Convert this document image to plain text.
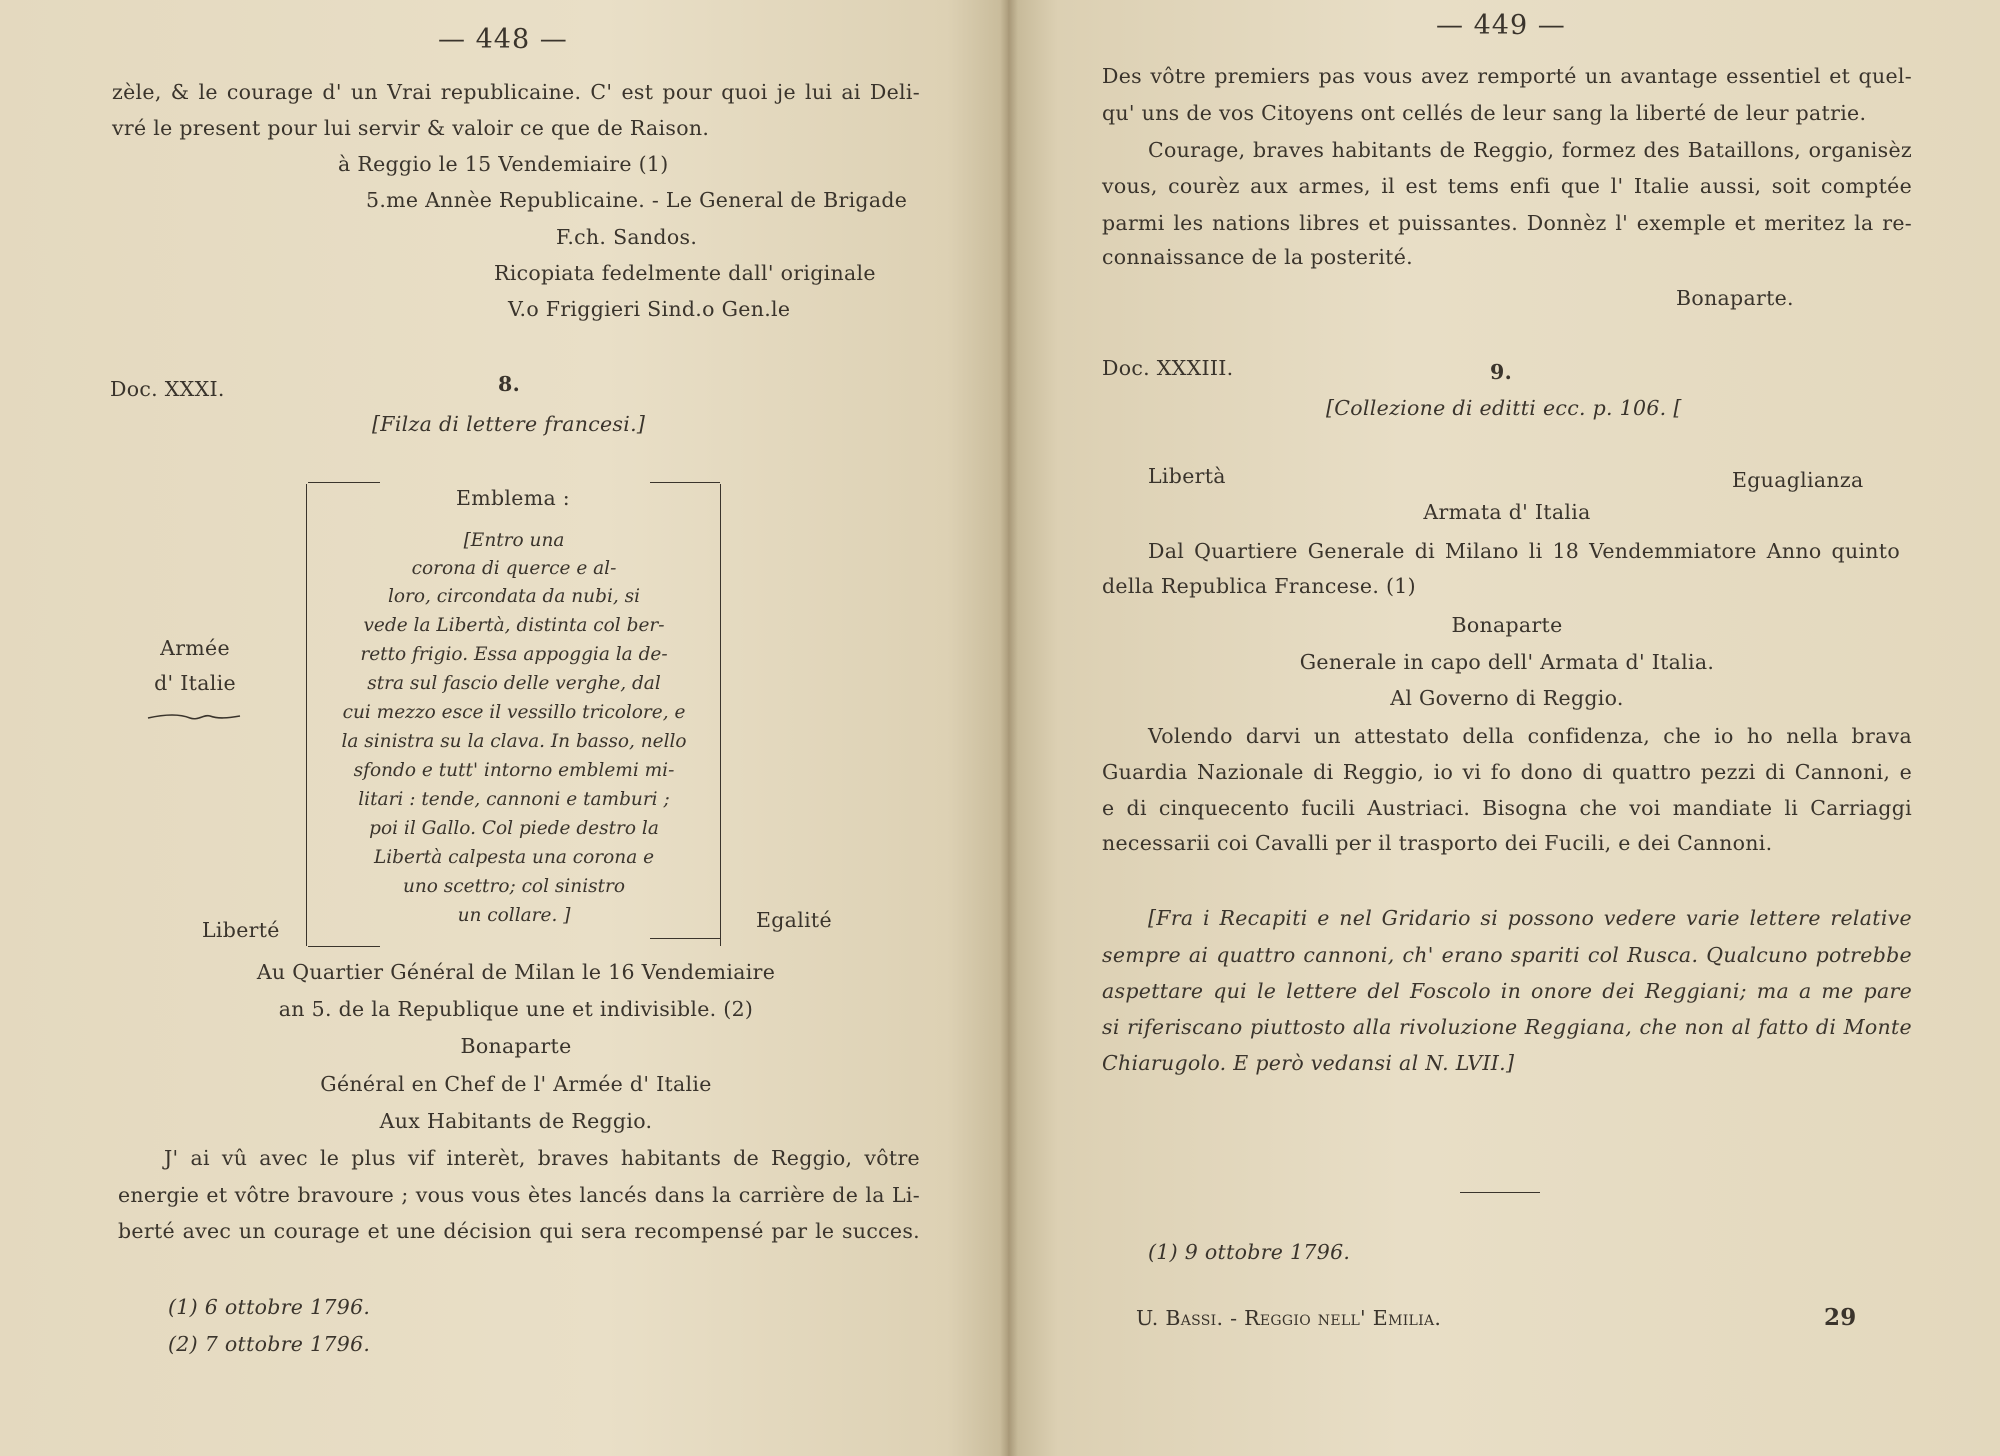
— 448 —
zèle, & le courage d' un Vrai republicaine. C' est pour quoi je lui ai Deli-
vré le present pour lui servir & valoir ce que de Raison.
à Reggio le 15 Vendemiaire (1)
5.me Annèe Republicaine. - Le General de Brigade
F.ch. Sandos.
Ricopiata fedelmente dall' originale
V.o Friggieri Sind.o Gen.le
Doc. XXXI.	8.
[Filza di lettere francesi.]
Emblema :
[Entro una
corona di querce e al-
loro, circondata da nubi, si
vede la Libertà, distinta col ber-
retto frigio. Essa appoggia la de-
stra sul fascio delle verghe, dal
cui mezzo esce il vessillo tricolore, e
la sinistra su la clava. In basso, nello
sfondo e tutt' intorno emblemi mi-
litari : tende, cannoni e tamburi ;
poi il Gallo. Col piede destro la
Libertà calpesta una corona e
uno scettro; col sinistro
un collare. ]
Armée
d' Italie
Liberté	Egalité
Au Quartier Général de Milan le 16 Vendemiaire
an 5. de la Republique une et indivisible. (2)
Bonaparte
Général en Chef de l' Armée d' Italie
Aux Habitants de Reggio.
J' ai vû avec le plus vif interèt, braves habitants de Reggio, vôtre
energie et vôtre bravoure ; vous vous ètes lancés dans la carrière de la Li-
berté avec un courage et une décision qui sera recompensé par le succes.
(1) 6 ottobre 1796.
(2) 7 ottobre 1796.
— 449 —
Des vôtre premiers pas vous avez remporté un avantage essentiel et quel-
qu' uns de vos Citoyens ont cellés de leur sang la liberté de leur patrie.
Courage, braves habitants de Reggio, formez des Bataillons, organisèz
vous, courèz aux armes, il est tems enfi que l' Italie aussi, soit comptée
parmi les nations libres et puissantes. Donnèz l' exemple et meritez la re-
connaissance de la posterité.
Bonaparte.
Doc. XXXIII.	9.
[Collezione di editti ecc. p. 106. [
Libertà	Eguaglianza
Armata d' Italia
Dal Quartiere Generale di Milano li 18 Vendemmiatore Anno quinto
della Republica Francese. (1)
Bonaparte
Generale in capo dell' Armata d' Italia.
Al Governo di Reggio.
Volendo darvi un attestato della confidenza, che io ho nella brava
Guardia Nazionale di Reggio, io vi fo dono di quattro pezzi di Cannoni, e
e di cinquecento fucili Austriaci. Bisogna che voi mandiate li Carriaggi
necessarii coi Cavalli per il trasporto dei Fucili, e dei Cannoni.
[Fra i Recapiti e nel Gridario si possono vedere varie lettere relative
sempre ai quattro cannoni, ch' erano spariti col Rusca. Qualcuno potrebbe
aspettare qui le lettere del Foscolo in onore dei Reggiani; ma a me pare
si riferiscano piuttosto alla rivoluzione Reggiana, che non al fatto di Monte
Chiarugolo. E però vedansi al N. LVII.]
(1) 9 ottobre 1796.
U. Bassi. - Reggio nell' Emilia.	29
